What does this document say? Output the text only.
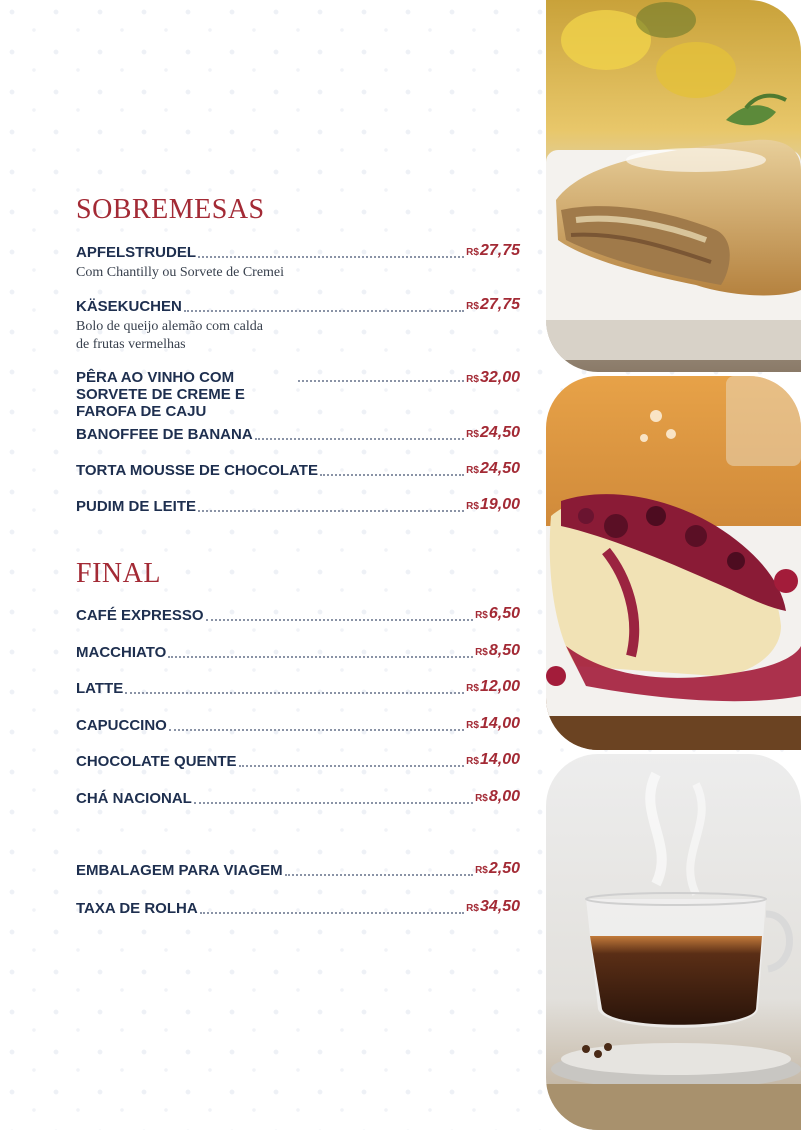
SOBREMESAS
APFELSTRUDEL	R$27,75
Com Chantilly ou Sorvete de Cremei
KÄSEKUCHEN	R$27,75
Bolo de queijo alemão com calda de frutas vermelhas
PÊRA AO VINHO COM SORVETE DE CREME E FAROFA DE CAJU
R$32,00
BANOFFEE DE BANANA	R$24,50
TORTA MOUSSE DE CHOCOLATE	R$24,50
PUDIM DE LEITE	R$19,00
FINAL
CAFÉ EXPRESSO	R$6,50
MACCHIATO	R$8,50
LATTE	R$12,00
CAPUCCINO	R$14,00
CHOCOLATE QUENTE	R$14,00
CHÁ NACIONAL	R$8,00
EMBALAGEM PARA VIAGEM	R$2,50
TAXA DE ROLHA	R$34,50
